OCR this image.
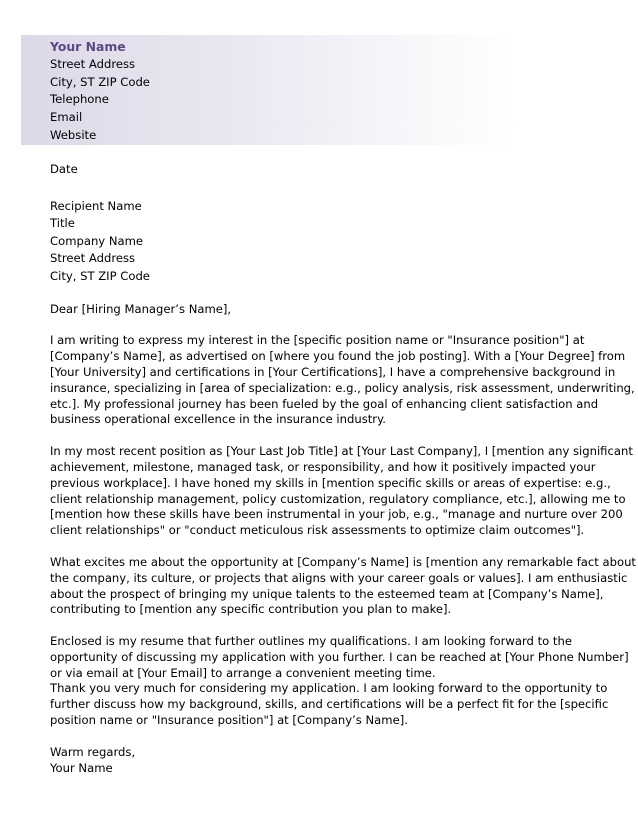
Your Name
Street Address
City, ST ZIP Code
Telephone
Email
Website
Date
Recipient Name
Title
Company Name
Street Address
City, ST ZIP Code
Dear [Hiring Manager’s Name],
I am writing to express my interest in the [specific position name or "Insurance position"] at
[Company’s Name], as advertised on [where you found the job posting]. With a [Your Degree] from
[Your University] and certifications in [Your Certifications], I have a comprehensive background in
insurance, specializing in [area of specialization: e.g., policy analysis, risk assessment, underwriting,
etc.]. My professional journey has been fueled by the goal of enhancing client satisfaction and
business operational excellence in the insurance industry.
In my most recent position as [Your Last Job Title] at [Your Last Company], I [mention any significant
achievement, milestone, managed task, or responsibility, and how it positively impacted your
previous workplace]. I have honed my skills in [mention specific skills or areas of expertise: e.g.,
client relationship management, policy customization, regulatory compliance, etc.], allowing me to
[mention how these skills have been instrumental in your job, e.g., "manage and nurture over 200
client relationships" or "conduct meticulous risk assessments to optimize claim outcomes"].
What excites me about the opportunity at [Company’s Name] is [mention any remarkable fact about
the company, its culture, or projects that aligns with your career goals or values]. I am enthusiastic
about the prospect of bringing my unique talents to the esteemed team at [Company’s Name],
contributing to [mention any specific contribution you plan to make].
Enclosed is my resume that further outlines my qualifications. I am looking forward to the
opportunity of discussing my application with you further. I can be reached at [Your Phone Number]
or via email at [Your Email] to arrange a convenient meeting time.
Thank you very much for considering my application. I am looking forward to the opportunity to
further discuss how my background, skills, and certifications will be a perfect fit for the [specific
position name or "Insurance position"] at [Company’s Name].
Warm regards,
Your Name
